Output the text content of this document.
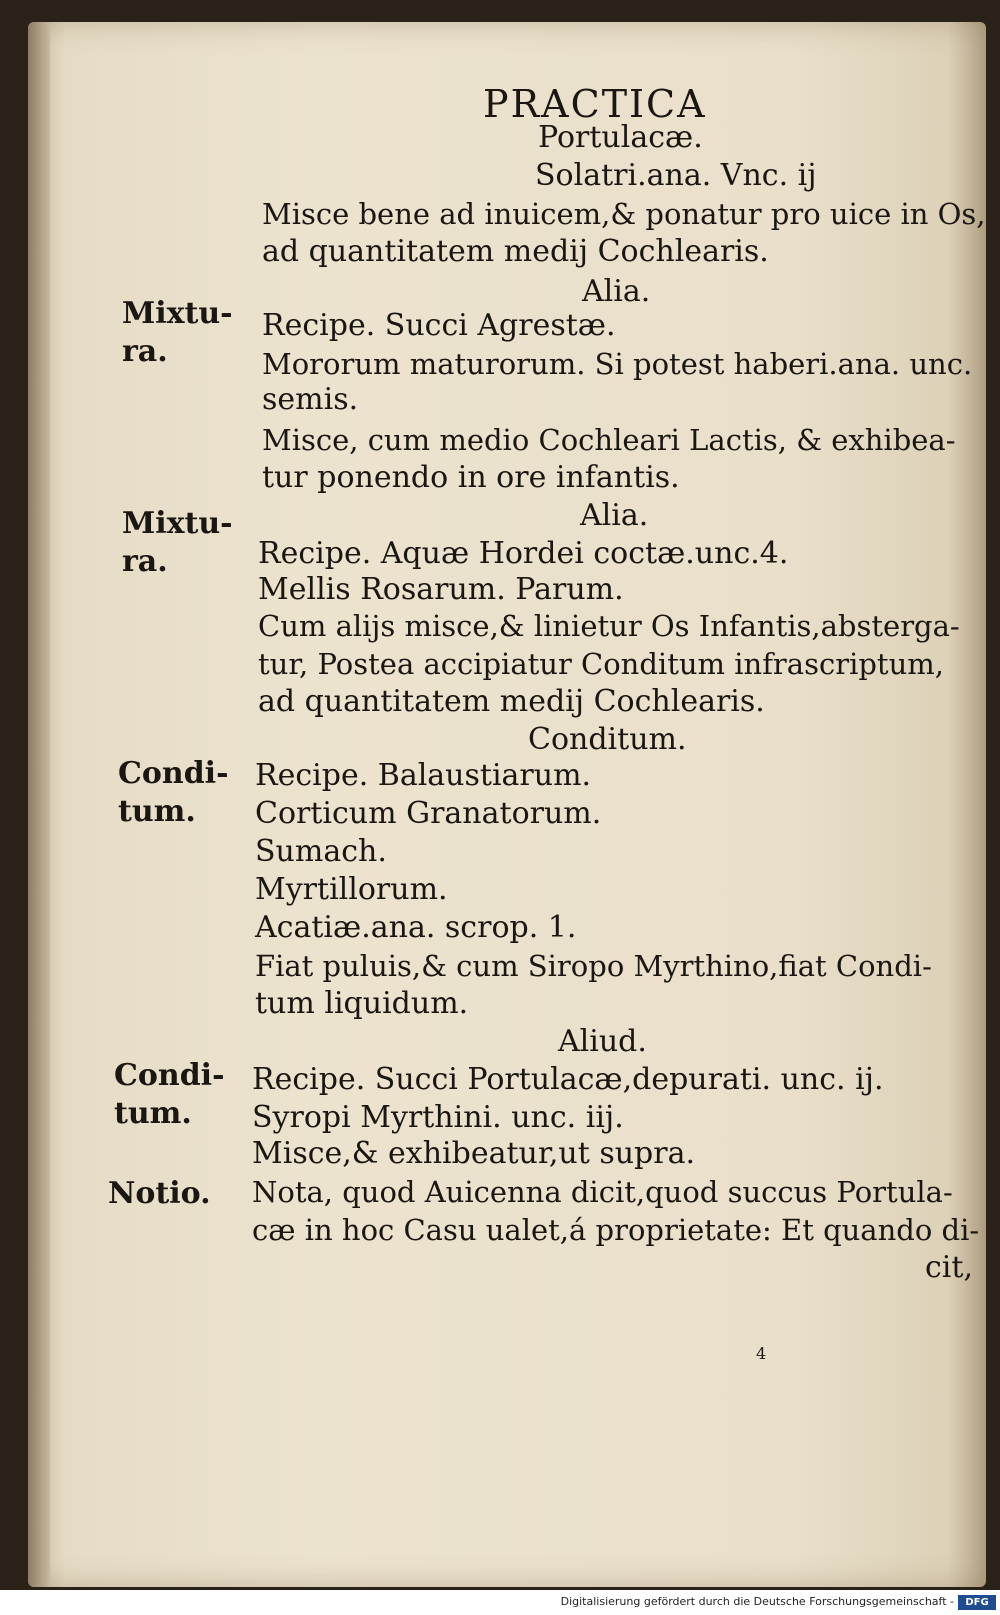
PRACTICA
Portulacæ.
Solatri.ana. Vnc. ij
Misce bene ad inuicem,& ponatur pro uice in Os,
ad quantitatem medij Cochlearis.
Alia.
Recipe. Succi Agrestæ.
Mororum maturorum. Si potest haberi.ana. unc.
semis.
Misce, cum medio Cochleari Lactis, & exhibea-
tur ponendo in ore infantis.
Alia.
Recipe. Aquæ Hordei coctæ.unc.4.
Mellis Rosarum. Parum.
Cum alijs misce,& linietur Os Infantis,abstergа-
tur, Postea accipiatur Conditum infrascriptum,
ad quantitatem medij Cochlearis.
Conditum.
Recipe. Balaustiarum.
Corticum Granatorum.
Sumach.
Myrtillorum.
Acatiæ.ana. scrop. 1.
Fiat puluis,& cum Siropo Myrthino,fiat Condi-
tum liquidum.
Aliud.
Recipe. Succi Portulacæ,depurati. unc. ij.
Syropi Myrthini. unc. iij.
Misce,& exhibeatur,ut supra.
Nota, quod Auicenna dicit,quod succus Portula-
cæ in hoc Casu ualet,á proprietate: Et quando di-
cit,
Mixtu-
ra.
Mixtu-
ra.
Condi-
tum.
Condi-
tum.
Notio.
4
Digitalisierung gefördert durch die Deutsche Forschungsgemeinschaft -	DFG
